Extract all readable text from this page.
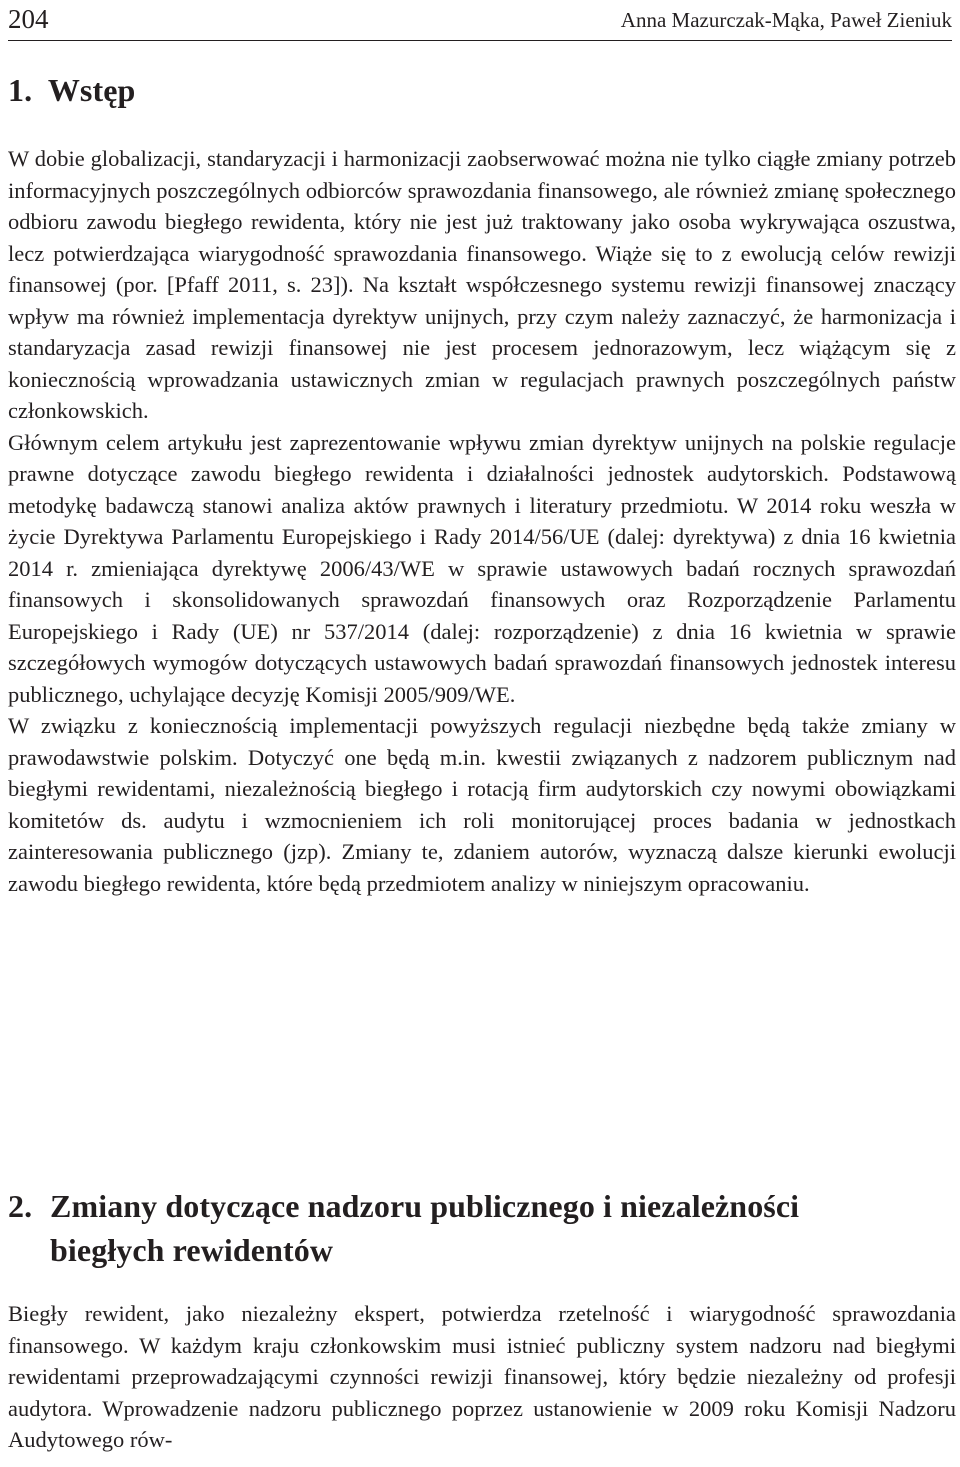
204	Anna Mazurczak-Mąka, Paweł Zieniuk
1.  Wstęp

W dobie globalizacji, standaryzacji i harmonizacji zaobserwować można nie tylko ciągłe zmiany potrzeb informacyjnych poszczególnych odbiorców sprawozdania finansowego, ale również zmianę społecznego odbioru zawodu biegłego rewidenta, który nie jest już traktowany jako osoba wykrywająca oszustwa, lecz potwierdzająca wiarygodność sprawozdania finansowego. Wiąże się to z ewolucją celów rewizji finansowej (por. [Pfaff 2011, s. 23]). Na kształt współczesnego systemu rewizji finansowej znaczący wpływ ma również implementacja dyrektyw unijnych, przy czym należy zaznaczyć, że harmonizacja i standaryzacja zasad rewizji finansowej nie jest procesem jednorazowym, lecz wiążącym się z koniecznością wprowadzania ustawicznych zmian w regulacjach prawnych poszczególnych państw członkowskich.

Głównym celem artykułu jest zaprezentowanie wpływu zmian dyrektyw unijnych na polskie regulacje prawne dotyczące zawodu biegłego rewidenta i działalności jednostek audytorskich. Podstawową metodykę badawczą stanowi analiza aktów prawnych i literatury przedmiotu. W 2014 roku weszła w życie Dyrektywa Parlamentu Europejskiego i Rady 2014/56/UE (dalej: dyrektywa) z dnia 16 kwietnia 2014 r. zmieniająca dyrektywę 2006/43/WE w sprawie ustawowych badań rocznych sprawozdań finansowych i skonsolidowanych sprawozdań finansowych oraz Rozporządzenie Parlamentu Europejskiego i Rady (UE) nr 537/2014 (dalej: rozporządzenie) z dnia 16 kwietnia w sprawie szczegółowych wymogów dotyczących ustawowych badań sprawozdań finansowych jednostek interesu publicznego, uchylające decyzję Komisji 2005/909/WE.

W związku z koniecznością implementacji powyższych regulacji niezbędne będą także zmiany w prawodawstwie polskim. Dotyczyć one będą m.in. kwestii związanych z nadzorem publicznym nad biegłymi rewidentami, niezależnością biegłego i rotacją firm audytorskich czy nowymi obowiązkami komitetów ds. audytu i wzmocnieniem ich roli monitorującej proces badania w jednostkach zainteresowania publicznego (jzp). Zmiany te, zdaniem autorów, wyznaczą dalsze kierunki ewolucji zawodu biegłego rewidenta, które będą przedmiotem analizy w niniejszym opracowaniu.

2. Zmiany dotyczące nadzoru publicznego i niezależności
biegłych rewidentów

Biegły rewident, jako niezależny ekspert, potwierdza rzetelność i wiarygodność sprawozdania finansowego. W każdym kraju członkowskim musi istnieć publiczny system nadzoru nad biegłymi rewidentami przeprowadzającymi czynności rewizji finansowej, który będzie niezależny od profesji audytora. Wprowadzenie nadzoru publicznego poprzez ustanowienie w 2009 roku Komisji Nadzoru Audytowego rów-
